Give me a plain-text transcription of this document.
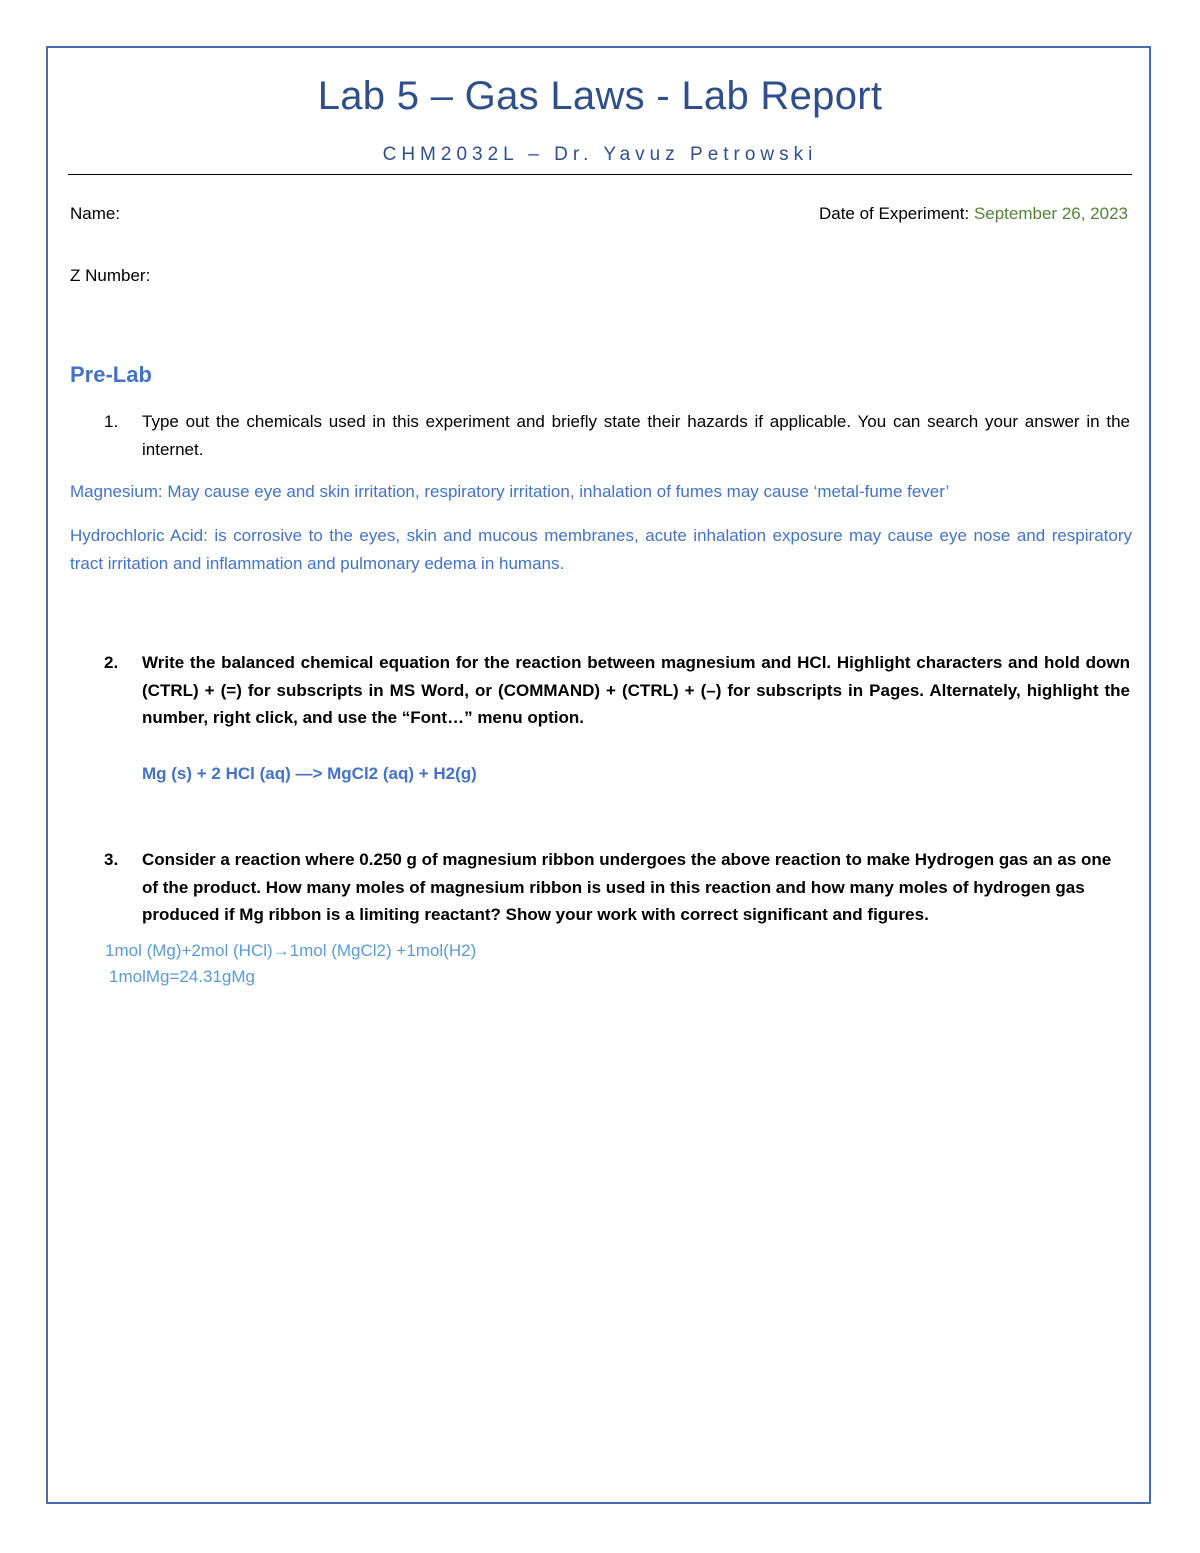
Lab 5 – Gas Laws - Lab Report
CHM2032L – Dr. Yavuz Petrowski
Name:	Date of Experiment: September 26, 2023
Z Number:
Pre-Lab
1.	Type out the chemicals used in this experiment and briefly state their hazards if applicable. You can search your answer in the internet.
Magnesium: May cause eye and skin irritation, respiratory irritation, inhalation of fumes may cause ‘metal-fume fever’
Hydrochloric Acid: is corrosive to the eyes, skin and mucous membranes, acute inhalation exposure may cause eye nose and respiratory tract irritation and inflammation and pulmonary edema in humans.
2.	Write the balanced chemical equation for the reaction between magnesium and HCl. Highlight characters and hold down (CTRL) + (=) for subscripts in MS Word, or (COMMAND) + (CTRL) + (–) for subscripts in Pages. Alternately, highlight the number, right click, and use the “Font…” menu option.
Mg (s) + 2 HCl (aq) —> MgCl2 (aq) + H2(g)
3.	Consider a reaction where 0.250 g of magnesium ribbon undergoes the above reaction to make Hydrogen gas an as one of the product. How many moles of magnesium ribbon is used in this reaction and how many moles of hydrogen gas produced if Mg ribbon is a limiting reactant? Show your work with correct significant and figures.
1mol (Mg)+2mol (HCl)→1mol (MgCl2) +1mol(H2)
1molMg=24.31gMg
